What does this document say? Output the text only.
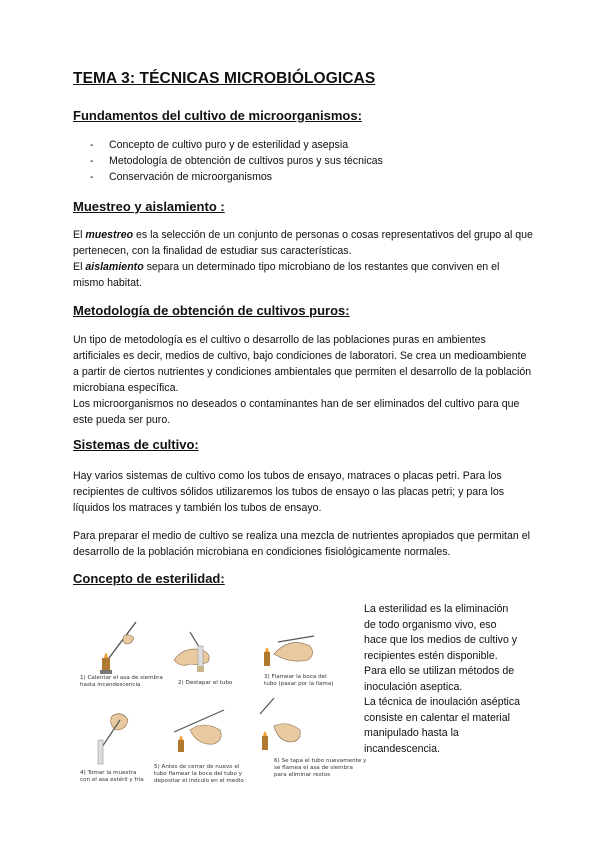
TEMA 3: TÉCNICAS MICROBIÓLOGICAS
Fundamentos del cultivo de microorganismos:
-	Concepto de cultivo puro y de esterilidad y asepsia
-	Metodología de obtención de cultivos puros y sus técnicas
-	Conservación de microorganismos
Muestreo y aislamiento :

El muestreo es la selección de un conjunto de personas o cosas representativos del grupo al que pertenecen, con la finalidad de estudiar sus características.
El aislamiento separa un determinado tipo microbiano de los restantes que conviven en el mismo habitat.

Metodología de obtención de cultivos puros:

Un tipo de metodología es el cultivo o desarrollo de las poblaciones puras en ambientes artificiales es decir, medios de cultivo, bajo condiciones de laboratori. Se crea un medioambiente a partir de ciertos nutrientes y condiciones ambientales que permiten el desarrollo de la población microbiana específica.
Los microorganismos no deseados o contaminantes han de ser eliminados del cultivo para que este pueda ser puro.

Sistemas de cultivo:

Hay varios sistemas de cultivo como los tubos de ensayo, matraces o placas petri. Para los recipientes de cultivos sólidos utilizaremos los tubos de ensayo o las placas petri; y para los líquidos los matraces y también los tubos de ensayo.

Para preparar el medio de cultivo se realiza una mezcla de nutrientes apropiados que permitan el desarrollo de la población microbiana en condiciones fisiológicamente normales.

Concepto de esterilidad:
La esterilidad es la eliminación
de todo organismo vivo, eso
hace que los medios de cultivo y
recipientes estén disponible.
Para ello se utilizan métodos de
inoculación aseptica.
La técnica de inoulación aséptica
consiste en calentar el material
manipulado hasta la
incandescencia.
1) Calentar el asa de siembra
hasta incandescencia	2) Destapar el tubo
3) Flamear la boca del
tubo (pasar por la llama)
4) Tomar la muestra
con el asa estéril y fría
5) Antes de cerrar de nuevo el
tubo flamear la boca del tubo y
depositar el inóculo en el medio
6) Se tapa el tubo nuevamente y
se flamea el asa de siembra
para eliminar restos
